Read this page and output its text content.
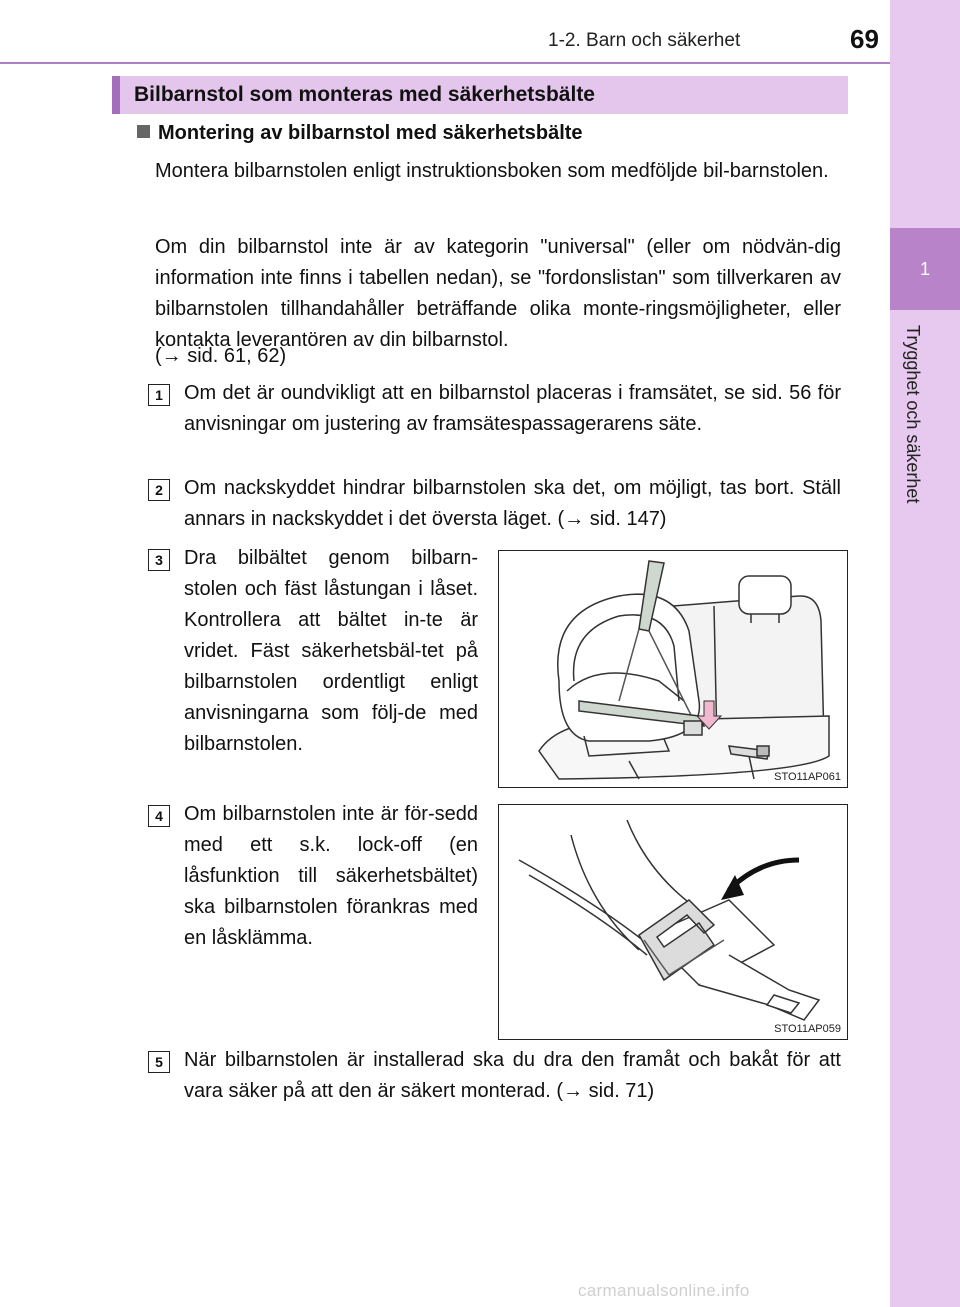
1-2. Barn och säkerhet	69
1
Trygghet och säkerhet
Bilbarnstol som monteras med säkerhetsbälte
Montering av bilbarnstol med säkerhetsbälte
Montera bilbarnstolen enligt instruktionsboken som medföljde bil-barnstolen.
Om din bilbarnstol inte är av kategorin "universal" (eller om nödvän-dig information inte finns i tabellen nedan), se "fordonslistan" som tillverkaren av bilbarnstolen tillhandahåller beträffande olika monte-ringsmöjligheter, eller kontakta leverantören av din bilbarnstol.
(→ sid. 61, 62)
1	Om det är oundvikligt att en bilbarnstol placeras i framsätet, se sid. 56 för anvisningar om justering av framsätespassagerarens säte.
2	Om nackskyddet hindrar bilbarnstolen ska det, om möjligt, tas bort. Ställ annars in nackskyddet i det översta läget. (→ sid. 147)
3	Dra bilbältet genom bilbarn-stolen och fäst låstungan i låset. Kontrollera att bältet in-te är vridet. Fäst säkerhetsbäl-tet på bilbarnstolen ordentligt enligt anvisningarna som följ-de med bilbarnstolen.
STO11AP061
4	Om bilbarnstolen inte är för-sedd med ett s.k. lock-off (en låsfunktion till säkerhetsbältet) ska bilbarnstolen förankras med en låsklämma.
STO11AP059
5	När bilbarnstolen är installerad ska du dra den framåt och bakåt för att vara säker på att den är säkert monterad. (→ sid. 71)
carmanualsonline.info
